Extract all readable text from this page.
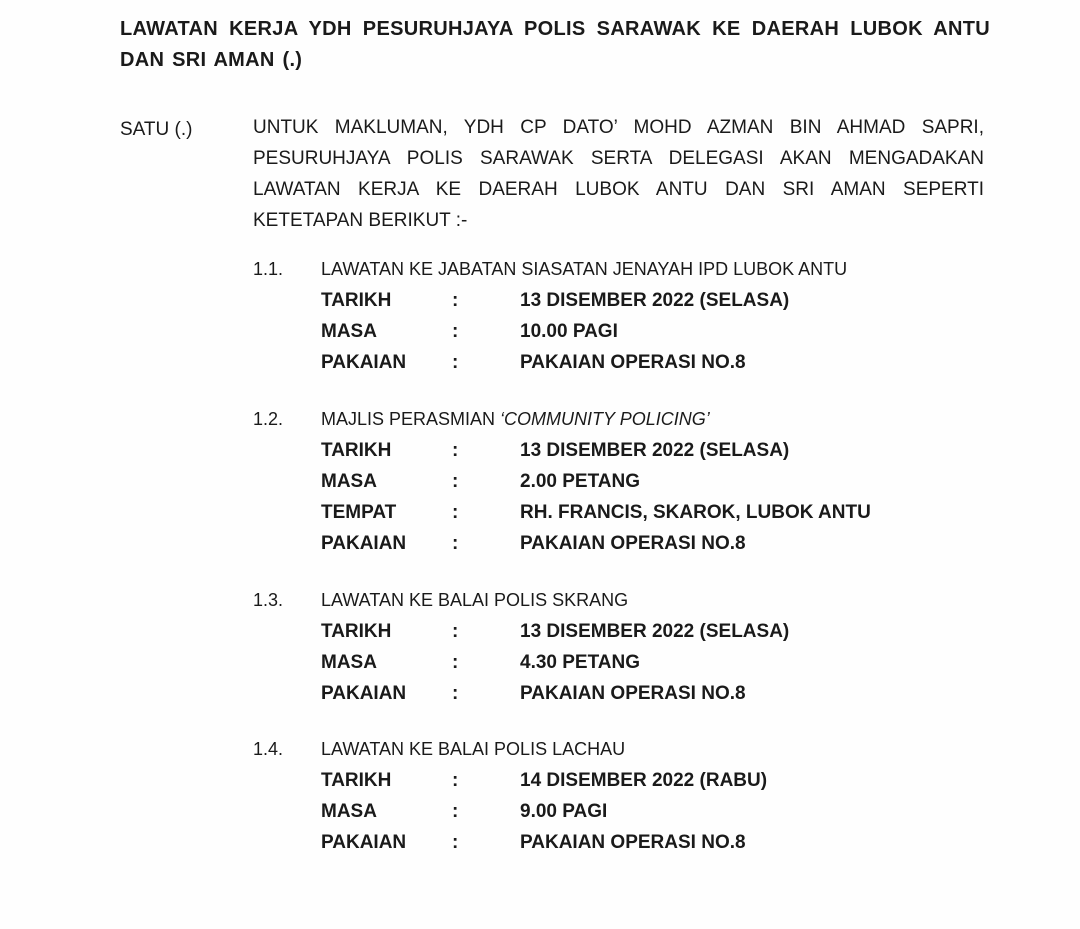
LAWATAN KERJA YDH PESURUHJAYA POLIS SARAWAK KE DAERAH LUBOK ANTU DAN SRI AMAN (.)
SATU (.)	UNTUK MAKLUMAN, YDH CP DATO’ MOHD AZMAN BIN AHMAD SAPRI, PESURUHJAYA POLIS SARAWAK SERTA DELEGASI AKAN MENGADAKAN LAWATAN KERJA KE DAERAH LUBOK ANTU DAN SRI AMAN SEPERTI KETETAPAN BERIKUT :-
1.1. LAWATAN KE JABATAN SIASATAN JENAYAH IPD LUBOK ANTU
TARIKH	:	13 DISEMBER 2022 (SELASA)
MASA	:	10.00 PAGI
PAKAIAN :	PAKAIAN OPERASI NO.8
1.2. MAJLIS PERASMIAN ‘COMMUNITY POLICING’
TARIKH	:	13 DISEMBER 2022 (SELASA)
MASA	:	2.00 PETANG
TEMPAT	:	RH. FRANCIS, SKAROK, LUBOK ANTU
PAKAIAN :	PAKAIAN OPERASI NO.8
1.3. LAWATAN KE BALAI POLIS SKRANG
TARIKH	:	13 DISEMBER 2022 (SELASA)
MASA	:	4.30 PETANG
PAKAIAN :	PAKAIAN OPERASI NO.8
1.4. LAWATAN KE BALAI POLIS LACHAU
TARIKH	:	14 DISEMBER 2022 (RABU)
MASA	:	9.00 PAGI
PAKAIAN :	PAKAIAN OPERASI NO.8
